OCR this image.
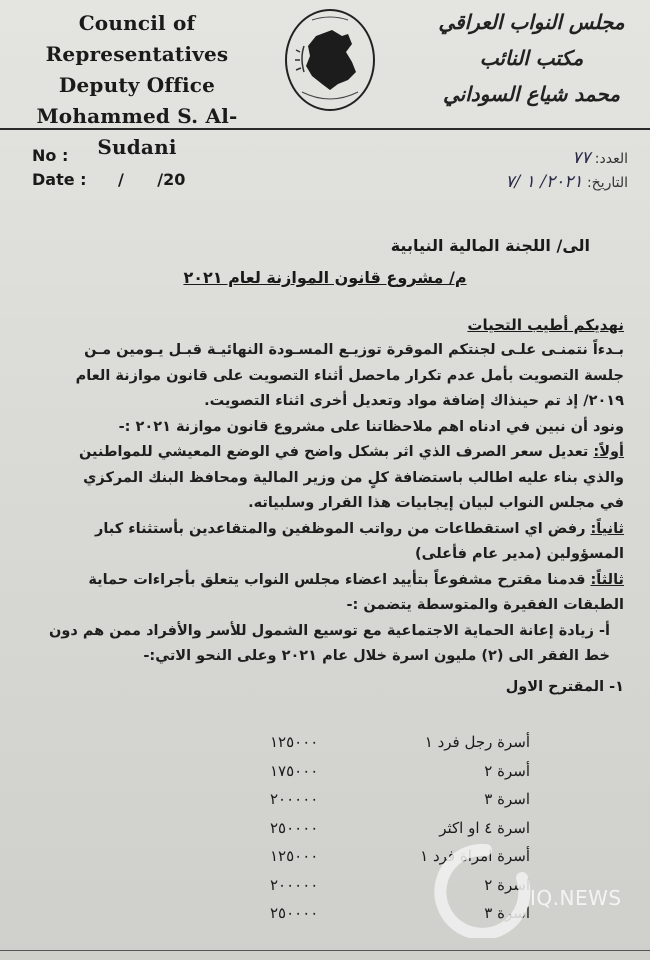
Council of Representatives
Deputy Office
Mohammed S. Al-Sudani
مجلس النواب العراقي
مكتب النائب
محمد شياع السوداني
No :
Date : /      /20
العدد: ٧٧
التاريخ: ٢٠٢١/ ١ /٧
الى/ اللجنة المالية النيابية
م/ مشروع قانون الموازنة لعام ٢٠٢١
نهديكم أطيب التحيات
بـدءاً نتمنـى علـى لجنتكم الموقرة توزيـع المسـودة النهائيـة قبـل يـومين مـن
جلسة التصويت بأمل عدم تكرار ماحصل أثناء التصويت على قانون موازنة العام
٢٠١٩/ إذ تم حينذاك إضافة مواد وتعديل أخرى اثناء التصويت.
ونود أن نبين في ادناه اهم ملاحظاتنا على مشروع قانون موازنة ٢٠٢١ :-
أولاً: تعديل سعر الصرف الذي اثر بشكل واضح في الوضع المعيشي للمواطنين
والذي بناء عليه اطالب باستضافة كلٍ من وزير المالية ومحافظ البنك المركزي
في مجلس النواب لبيان إيجابيات هذا القرار وسلبياته.
ثانياً: رفض اي استقطاعات من رواتب الموظفين والمتقاعدين بأستثناء كبار
المسؤولين (مدير عام فأعلى)
ثالثاً: قدمنا مقترح مشفوعاً بتأييد اعضاء مجلس النواب يتعلق بأجراءات حماية
الطبقات الفقيرة والمتوسطة يتضمن :-
أ- زيادة إعانة الحماية الاجتماعية مع توسيع الشمول للأسر والأفراد ممن هم دون
خط الفقر الى (٢) مليون اسرة خلال عام ٢٠٢١ وعلى النحو الاتي:-
١- المقترح الاول
أسرة رجل فرد ١
١٢٥٠٠٠
أسرة ٢
١٧٥٠٠٠
اسرة ٣
٢٠٠٠٠٠
اسرة ٤ او اكثر
٢٥٠٠٠٠
أسرة امراة فرد ١
١٢٥٠٠٠
اسرة ٢
٢٠٠٠٠٠
اسرة ٣
٢٥٠٠٠٠
IQ.NEWS
